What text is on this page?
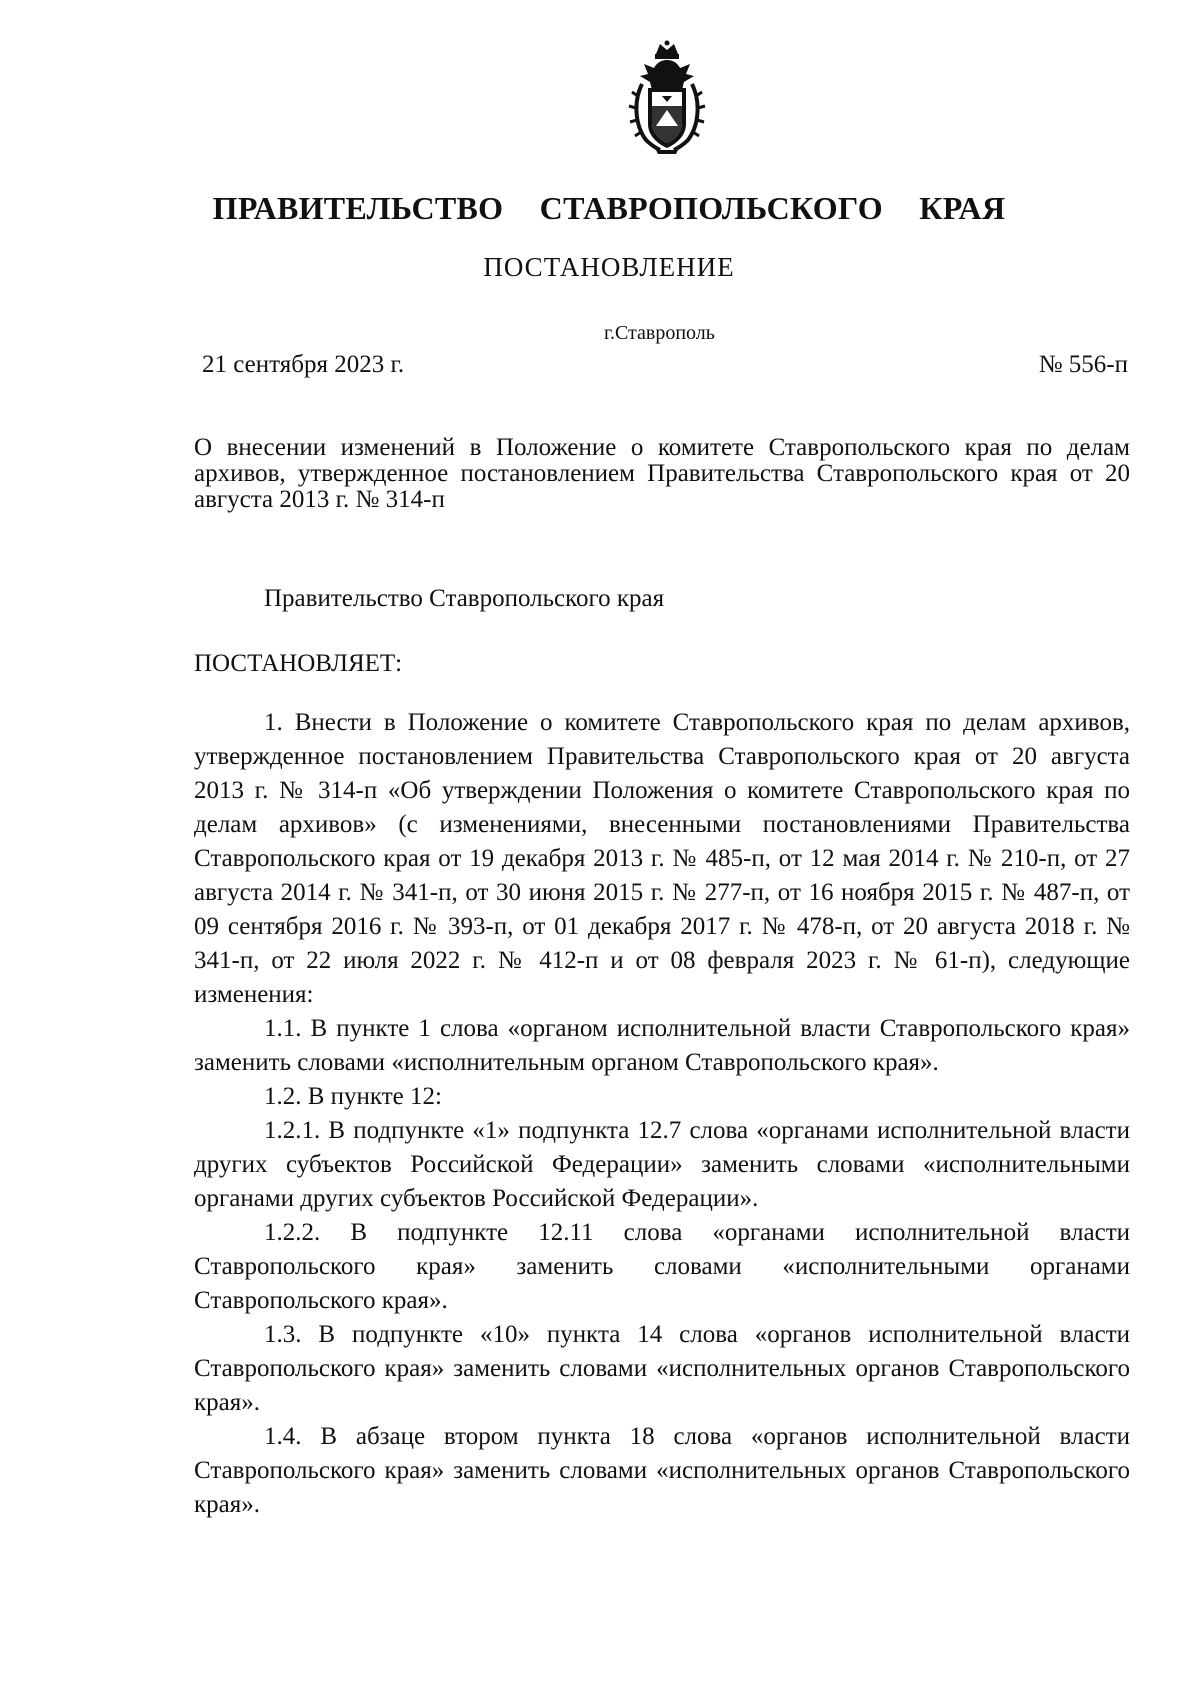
ПРАВИТЕЛЬСТВО СТАВРОПОЛЬСКОГО КРАЯ
ПОСТАНОВЛЕНИЕ
г.Ставрополь
21 сентября 2023 г.	№ 556-п
О внесении изменений в Положение о комитете Ставропольского края по делам архивов, утвержденное постановлением Правительства Ставропольского края от 20 августа 2013 г. № 314-п
Правительство Ставропольского края
ПОСТАНОВЛЯЕТ:

1. Внести в Положение о комитете Ставропольского края по делам архивов, утвержденное постановлением Правительства Ставропольского края от 20 августа 2013 г. № 314-п «Об утверждении Положения о комитете Ставропольского края по делам архивов» (с изменениями, внесенными постановлениями Правительства Ставропольского края от 19 декабря 2013 г. № 485-п, от 12 мая 2014 г. № 210-п, от 27 августа 2014 г. № 341-п, от 30 июня 2015 г. № 277-п, от 16 ноября 2015 г. № 487-п, от 09 сентября 2016 г. № 393-п, от 01 декабря 2017 г. № 478-п, от 20 августа 2018 г. № 341-п, от 22 июля 2022 г. № 412-п и от 08 февраля 2023 г. № 61-п), следующие изменения:

1.1. В пункте 1 слова «органом исполнительной власти Ставропольского края» заменить словами «исполнительным органом Ставропольского края».

1.2. В пункте 12:

1.2.1. В подпункте «1» подпункта 12.7 слова «органами исполнительной власти других субъектов Российской Федерации» заменить словами «исполнительными органами других субъектов Российской Федерации».

1.2.2. В подпункте 12.11 слова «органами исполнительной власти Ставропольского края» заменить словами «исполнительными органами Ставропольского края».

1.3. В подпункте «10» пункта 14 слова «органов исполнительной власти Ставропольского края» заменить словами «исполнительных органов Ставропольского края».

1.4. В абзаце втором пункта 18 слова «органов исполнительной власти Ставропольского края» заменить словами «исполнительных органов Ставропольского края».
